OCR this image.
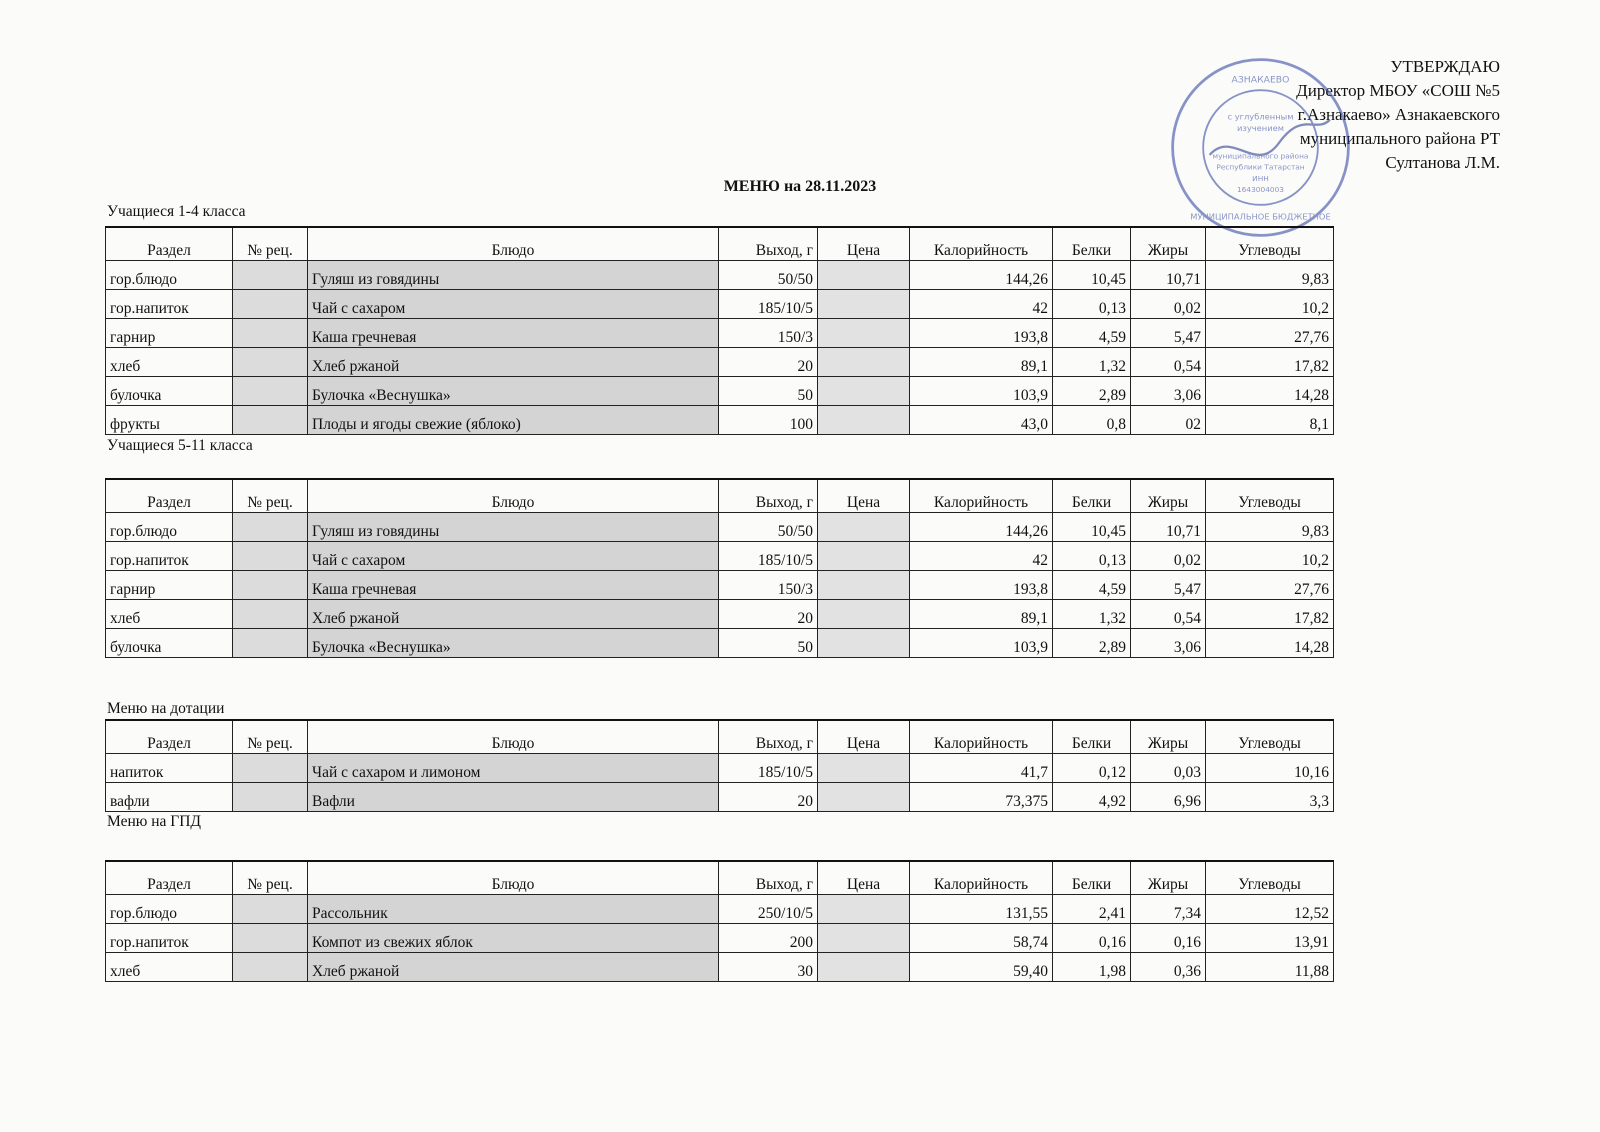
УТВЕРЖДАЮ
Директор МБОУ «СОШ №5
г.Азнакаево» Азнакаевского
муниципального района РТ
Султанова Л.М.
АЗНАКАЕВО
МУНИЦИПАЛЬНОЕ БЮДЖЕТНОЕ
с углубленным
изучением
муниципального района
Республики Татарстан
ИНН
1643004003
МЕНЮ на 28.11.2023
Учащиеся 1-4 класса
Раздел	№ рец.	Блюдо	Выход, г	Цена	Калорийность	Белки	Жиры	Углеводы
гор.блюдо		Гуляш из говядины	50/50		144,26	10,45	10,71	9,83
гор.напиток		Чай с сахаром	185/10/5		42	0,13	0,02	10,2
гарнир		Каша гречневая	150/3		193,8	4,59	5,47	27,76
хлеб		Хлеб ржаной	20		89,1	1,32	0,54	17,82
булочка		Булочка «Веснушка»	50		103,9	2,89	3,06	14,28
фрукты		Плоды и ягоды свежие (яблоко)	100		43,0	0,8	02	8,1
Учащиеся 5-11 класса
Раздел	№ рец.	Блюдо	Выход, г	Цена	Калорийность	Белки	Жиры	Углеводы
гор.блюдо		Гуляш из говядины	50/50		144,26	10,45	10,71	9,83
гор.напиток		Чай с сахаром	185/10/5		42	0,13	0,02	10,2
гарнир		Каша гречневая	150/3		193,8	4,59	5,47	27,76
хлеб		Хлеб ржаной	20		89,1	1,32	0,54	17,82
булочка		Булочка «Веснушка»	50		103,9	2,89	3,06	14,28
Меню на дотации
Раздел	№ рец.	Блюдо	Выход, г	Цена	Калорийность	Белки	Жиры	Углеводы
напиток		Чай с сахаром и лимоном	185/10/5		41,7	0,12	0,03	10,16
вафли		Вафли	20		73,375	4,92	6,96	3,3
Меню на ГПД
Раздел	№ рец.	Блюдо	Выход, г	Цена	Калорийность	Белки	Жиры	Углеводы
гор.блюдо		Рассольник	250/10/5		131,55	2,41	7,34	12,52
гор.напиток		Компот из свежих яблок	200		58,74	0,16	0,16	13,91
хлеб		Хлеб ржаной	30		59,40	1,98	0,36	11,88
